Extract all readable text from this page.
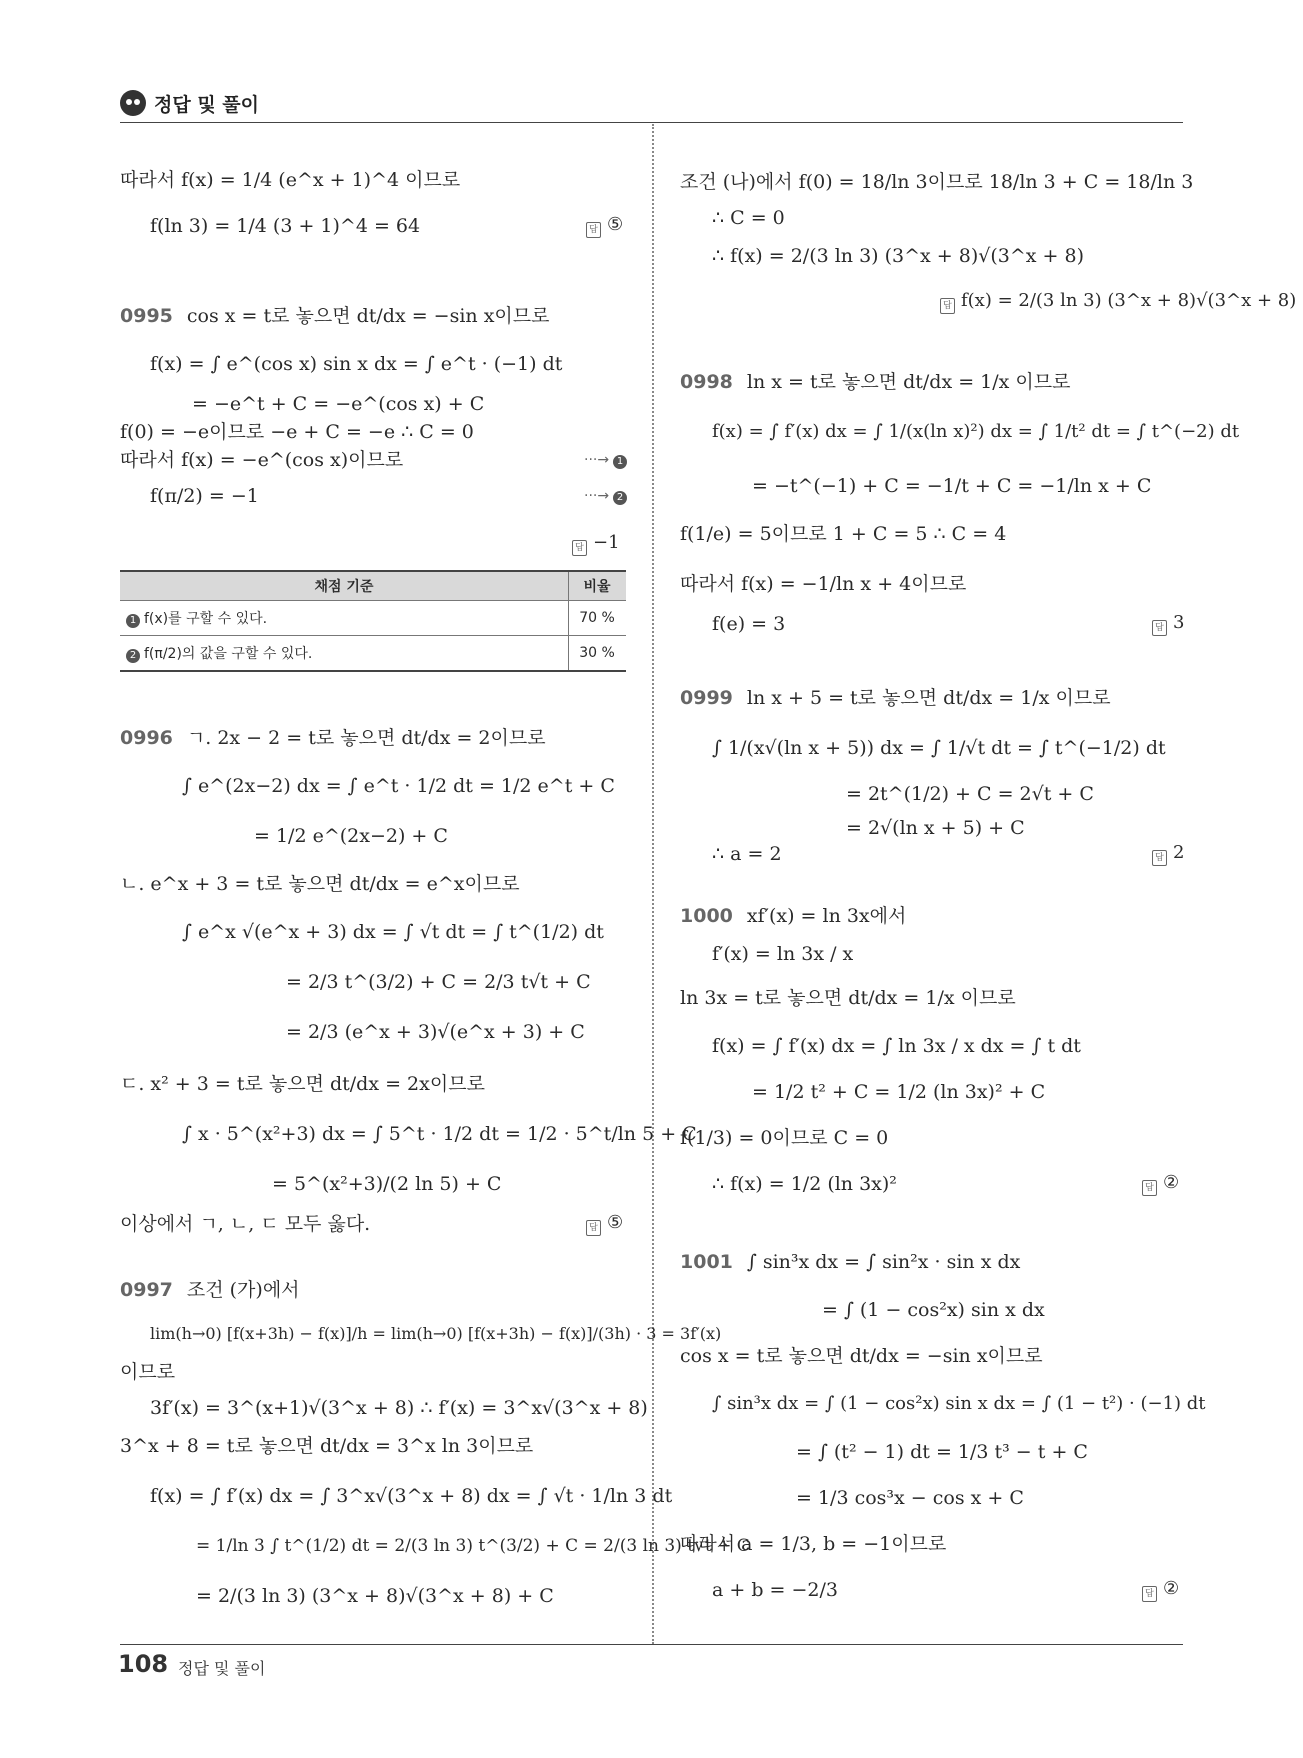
정답 및 풀이
따라서 f(x) = 1/4 (e^x + 1)^4 이므로
f(ln 3) = 1/4 (3 + 1)^4 = 64	답 ⑤
0995 cos x = t로 놓으면 dt/dx = −sin x이므로
f(x) = ∫ e^(cos x) sin x dx = ∫ e^t · (−1) dt
= −e^t + C = −e^(cos x) + C
f(0) = −e이므로 −e + C = −e ∴ C = 0
따라서 f(x) = −e^(cos x)이므로	···→ 1
f(π/2) = −1	···→ 2
답 −1
채점 기준	비율
1 f(x)를 구할 수 있다.	70 %
2 f(π/2)의 값을 구할 수 있다.	30 %
0996 ㄱ. 2x − 2 = t로 놓으면 dt/dx = 2이므로
∫ e^(2x−2) dx = ∫ e^t · 1/2 dt = 1/2 e^t + C
= 1/2 e^(2x−2) + C
ㄴ. e^x + 3 = t로 놓으면 dt/dx = e^x이므로
∫ e^x √(e^x + 3) dx = ∫ √t dt = ∫ t^(1/2) dt
= 2/3 t^(3/2) + C = 2/3 t√t + C
= 2/3 (e^x + 3)√(e^x + 3) + C
ㄷ. x² + 3 = t로 놓으면 dt/dx = 2x이므로
∫ x · 5^(x²+3) dx = ∫ 5^t · 1/2 dt = 1/2 · 5^t/ln 5 + C
= 5^(x²+3)/(2 ln 5) + C
이상에서 ㄱ, ㄴ, ㄷ 모두 옳다.	답 ⑤
0997 조건 (가)에서
lim(h→0) [f(x+3h) − f(x)]/h = lim(h→0) [f(x+3h) − f(x)]/(3h) · 3 = 3f′(x)
이므로
3f′(x) = 3^(x+1)√(3^x + 8) ∴ f′(x) = 3^x√(3^x + 8)
3^x + 8 = t로 놓으면 dt/dx = 3^x ln 3이므로
f(x) = ∫ f′(x) dx = ∫ 3^x√(3^x + 8) dx = ∫ √t · 1/ln 3 dt
= 1/ln 3 ∫ t^(1/2) dt = 2/(3 ln 3) t^(3/2) + C = 2/(3 ln 3) t√t + C
= 2/(3 ln 3) (3^x + 8)√(3^x + 8) + C
조건 (나)에서 f(0) = 18/ln 3이므로 18/ln 3 + C = 18/ln 3
∴ C = 0
∴ f(x) = 2/(3 ln 3) (3^x + 8)√(3^x + 8)
답 f(x) = 2/(3 ln 3) (3^x + 8)√(3^x + 8)
0998 ln x = t로 놓으면 dt/dx = 1/x 이므로
f(x) = ∫ f′(x) dx = ∫ 1/(x(ln x)²) dx = ∫ 1/t² dt = ∫ t^(−2) dt
= −t^(−1) + C = −1/t + C = −1/ln x + C
f(1/e) = 5이므로 1 + C = 5 ∴ C = 4
따라서 f(x) = −1/ln x + 4이므로
f(e) = 3	답 3
0999 ln x + 5 = t로 놓으면 dt/dx = 1/x 이므로
∫ 1/(x√(ln x + 5)) dx = ∫ 1/√t dt = ∫ t^(−1/2) dt
= 2t^(1/2) + C = 2√t + C
= 2√(ln x + 5) + C
∴ a = 2	답 2
1000 xf′(x) = ln 3x에서
f′(x) = ln 3x / x
ln 3x = t로 놓으면 dt/dx = 1/x 이므로
f(x) = ∫ f′(x) dx = ∫ ln 3x / x dx = ∫ t dt
= 1/2 t² + C = 1/2 (ln 3x)² + C
f(1/3) = 0이므로 C = 0
∴ f(x) = 1/2 (ln 3x)²	답 ②
1001 ∫ sin³x dx = ∫ sin²x · sin x dx
= ∫ (1 − cos²x) sin x dx
cos x = t로 놓으면 dt/dx = −sin x이므로
∫ sin³x dx = ∫ (1 − cos²x) sin x dx = ∫ (1 − t²) · (−1) dt
= ∫ (t² − 1) dt = 1/3 t³ − t + C
= 1/3 cos³x − cos x + C
따라서 a = 1/3, b = −1이므로
a + b = −2/3	답 ②
108 정답 및 풀이
